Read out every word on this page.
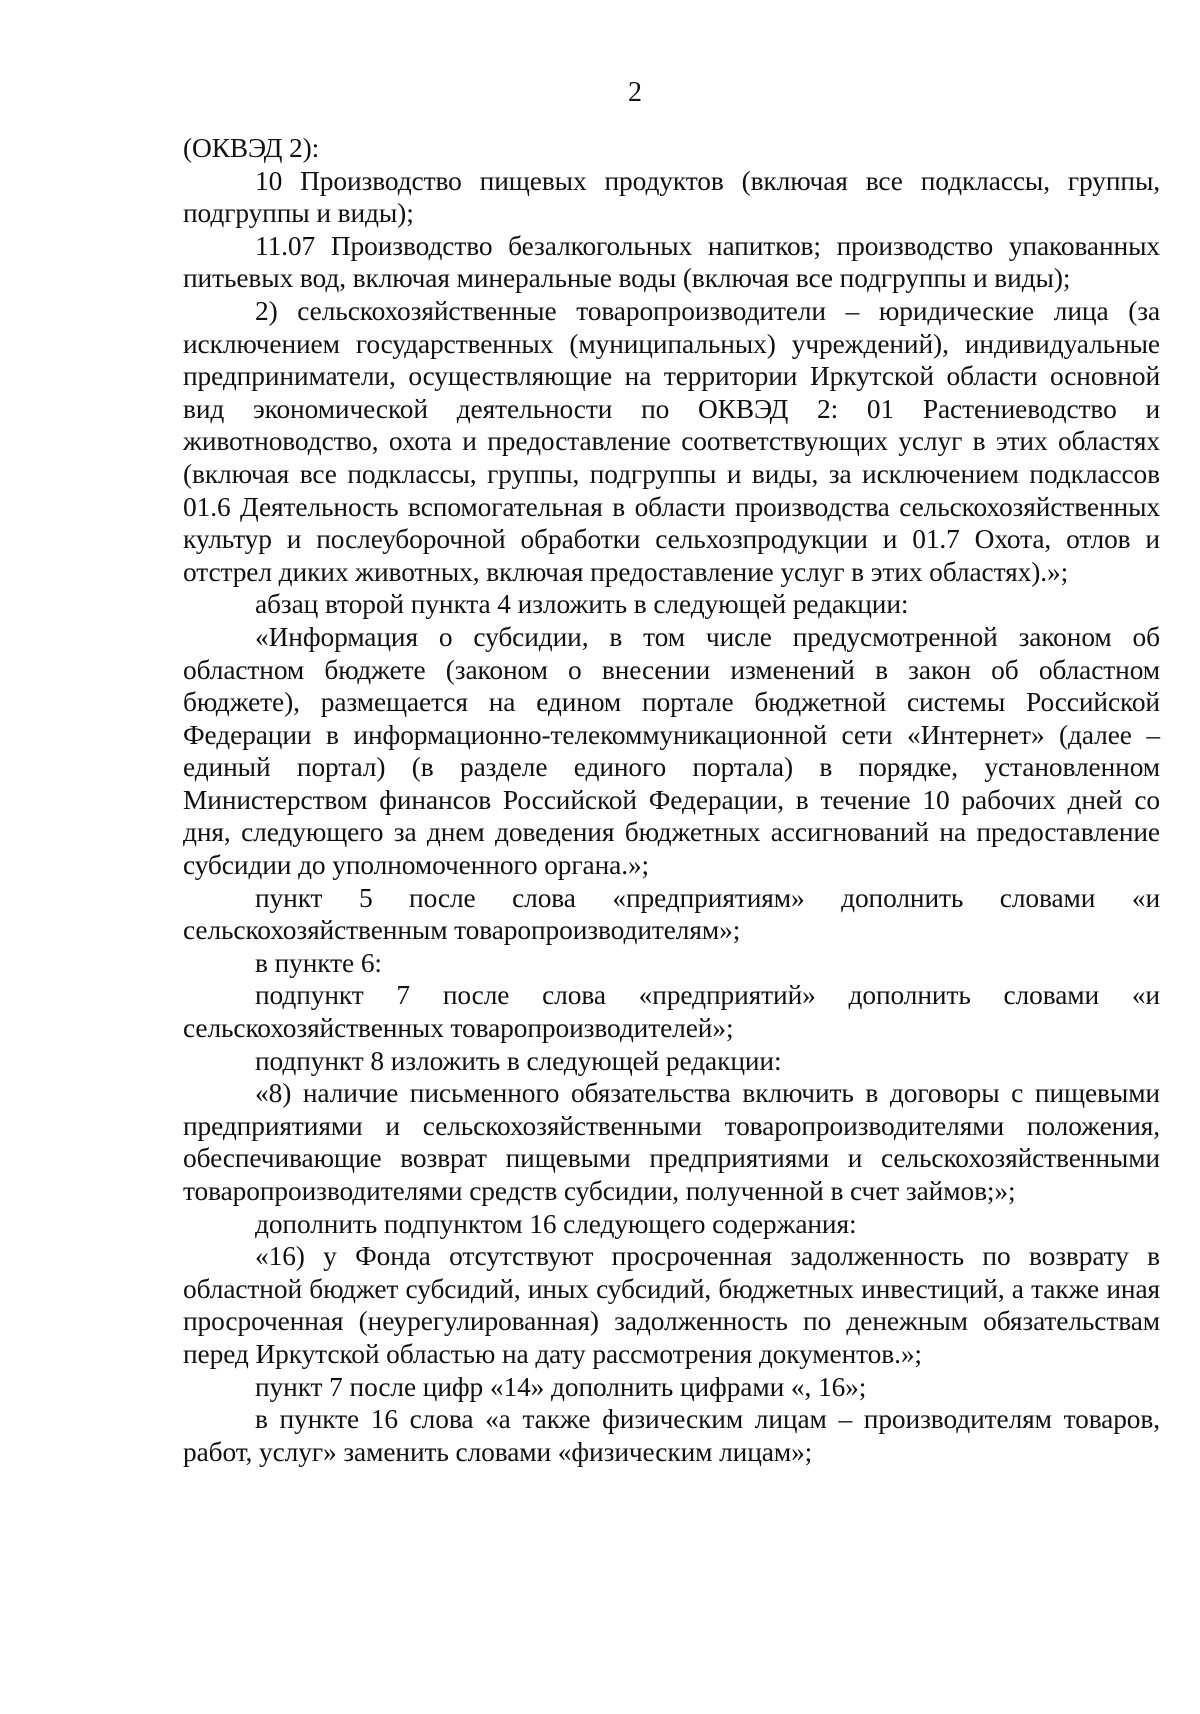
2

(ОКВЭД 2):

10 Производство пищевых продуктов (включая все подклассы, группы, подгруппы и виды);

11.07 Производство безалкогольных напитков; производство упакованных питьевых вод, включая минеральные воды (включая все подгруппы и виды);

2) сельскохозяйственные товаропроизводители – юридические лица (за исключением государственных (муниципальных) учреждений), индивидуальные предприниматели, осуществляющие на территории Иркутской области основной вид экономической деятельности по ОКВЭД 2: 01 Растениеводство и животноводство, охота и предоставление соответствующих услуг в этих областях (включая все подклассы, группы, подгруппы и виды, за исключением подклассов 01.6 Деятельность вспомогательная в области производства сельскохозяйственных культур и послеуборочной обработки сельхозпродукции и 01.7 Охота, отлов и отстрел диких животных, включая предоставление услуг в этих областях).»;

абзац второй пункта 4 изложить в следующей редакции:

«Информация о субсидии, в том числе предусмотренной законом об областном бюджете (законом о внесении изменений в закон об областном бюджете), размещается на едином портале бюджетной системы Российской Федерации в информационно-телекоммуникационной сети «Интернет» (далее – единый портал) (в разделе единого портала) в порядке, установленном Министерством финансов Российской Федерации, в течение 10 рабочих дней со дня, следующего за днем доведения бюджетных ассигнований на предоставление субсидии до уполномоченного органа.»;

пункт 5 после слова «предприятиям» дополнить словами «и сельскохозяйственным товаропроизводителям»;

в пункте 6:

подпункт 7 после слова «предприятий» дополнить словами «и сельскохозяйственных товаропроизводителей»;

подпункт 8 изложить в следующей редакции:

«8) наличие письменного обязательства включить в договоры с пищевыми предприятиями и сельскохозяйственными товаропроизводителями положения, обеспечивающие возврат пищевыми предприятиями и сельскохозяйственными товаропроизводителями средств субсидии, полученной в счет займов;»;

дополнить подпунктом 16 следующего содержания:

«16) у Фонда отсутствуют просроченная задолженность по возврату в областной бюджет субсидий, иных субсидий, бюджетных инвестиций, а также иная просроченная (неурегулированная) задолженность по денежным обязательствам перед Иркутской областью на дату рассмотрения документов.»;

пункт 7 после цифр «14» дополнить цифрами «, 16»;

в пункте 16 слова «а также физическим лицам – производителям товаров, работ, услуг» заменить словами «физическим лицам»;
